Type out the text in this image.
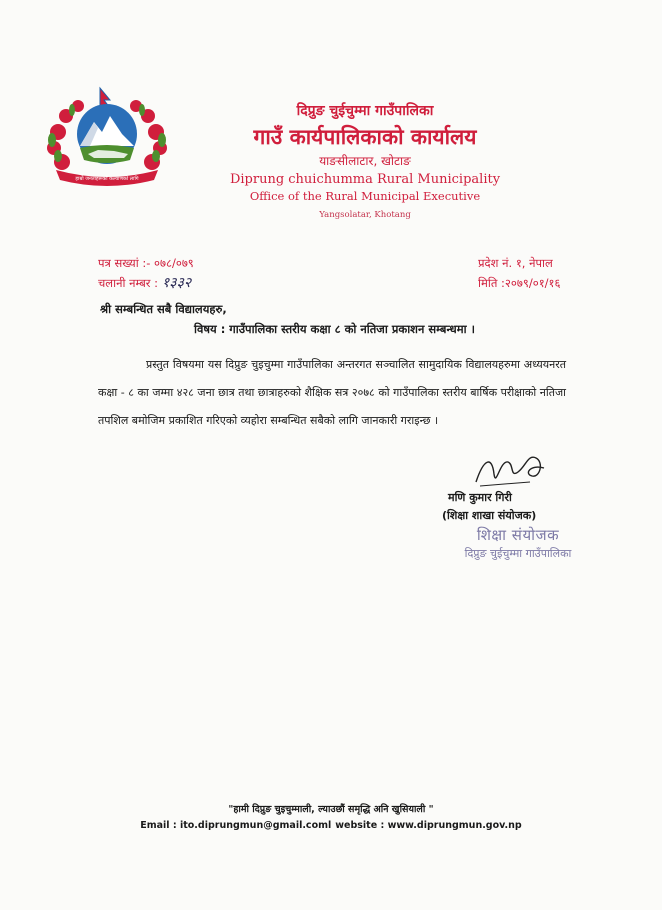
हाम्रो जनताहरूको कल्याणको लागि
दिप्रुङ चुईचुम्मा गाउँपालिका
गाउँ कार्यपालिकाको कार्यालय
याङसीलाटार, खोटाङ
Diprung chuichumma Rural Municipality
Office of the Rural Municipal Executive
Yangsolatar, Khotang
पत्र सख्यां :- ०७८/०७९
चलानी नम्बर : १३३२
प्रदेश नं. १, नेपाल
मिति :२०७९/०१/१६
श्री सम्बन्धित सबै विद्यालयहरु,
विषय : गाउँपालिका स्तरीय कक्षा ८ को नतिजा प्रकाशन सम्बन्धमा ।
प्रस्तुत विषयमा यस दिप्रुङ चुइचुम्मा गाउँपालिका अन्तरगत सञ्चालित सामुदायिक विद्यालयहरुमा अध्ययनरत कक्षा - ८ का जम्मा ४२८ जना छात्र तथा छात्राहरुको शैक्षिक सत्र २०७८ को गाउँपालिका स्तरीय बार्षिक परीक्षाको नतिजा तपशिल बमोजिम प्रकाशित गरिएको व्यहोरा सम्बन्धित सबैको लागि जानकारी गराइन्छ ।
मणि कुमार गिरी
(शिक्षा शाखा संयोजक)
शिक्षा संयोजक
दिप्रुङ चुईचुम्मा गाउँपालिका
"हामी दिप्रुङ चुइचुम्माली, ल्याउछौं समृद्धि अनि खुसियाली "
Email : ito.diprungmun@gmail.coml website : www.diprungmun.gov.np
